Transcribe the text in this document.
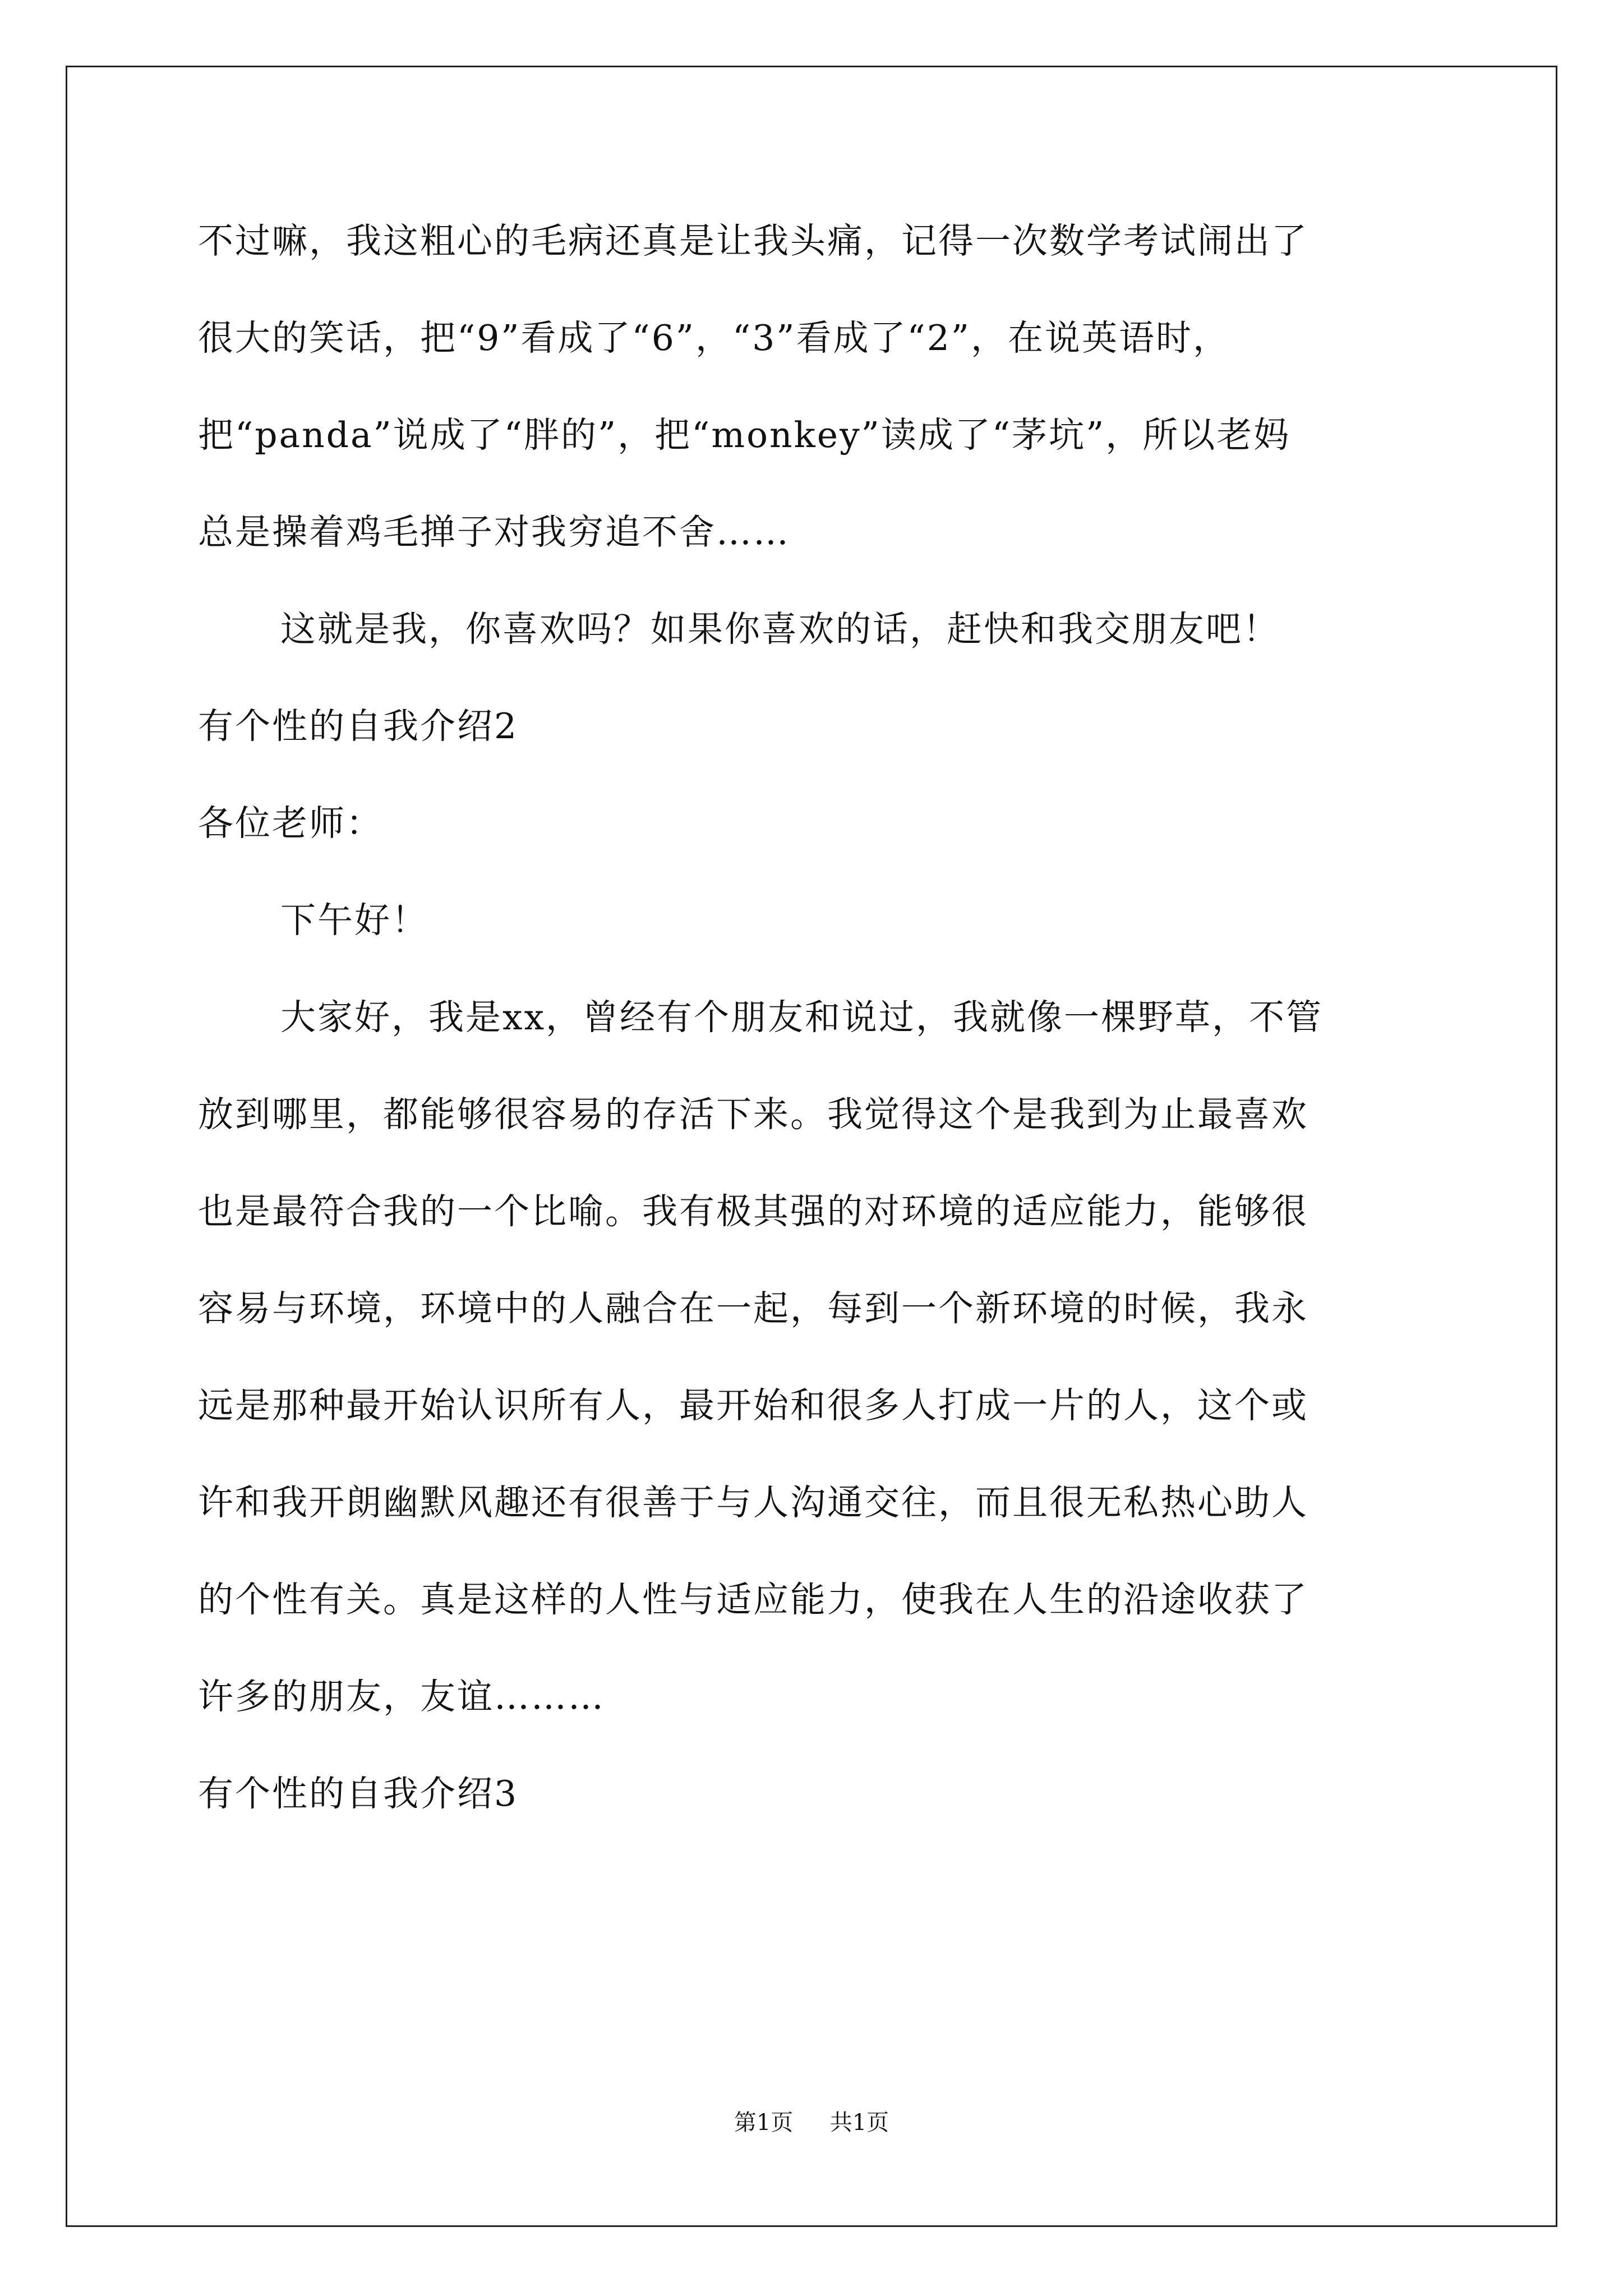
不过嘛，我这粗心的毛病还真是让我头痛，记得一次数学考试闹出了

很大的笑话，把“9”看成了“6”，“3”看成了“2”，在说英语时，

把“panda”说成了“胖的”，把“monkey”读成了“茅坑”，所以老妈

总是操着鸡毛掸子对我穷追不舍……

这就是我，你喜欢吗？如果你喜欢的话，赶快和我交朋友吧！

有个性的自我介绍2

各位老师：

下午好！

大家好，我是xx，曾经有个朋友和说过，我就像一棵野草，不管

放到哪里，都能够很容易的存活下来。我觉得这个是我到为止最喜欢

也是最符合我的一个比喻。我有极其强的对环境的适应能力，能够很

容易与环境，环境中的人融合在一起，每到一个新环境的时候，我永

远是那种最开始认识所有人，最开始和很多人打成一片的人，这个或

许和我开朗幽默风趣还有很善于与人沟通交往，而且很无私热心助人

的个性有关。真是这样的人性与适应能力，使我在人生的沿途收获了

许多的朋友，友谊………

有个性的自我介绍3

第1页 共1页
